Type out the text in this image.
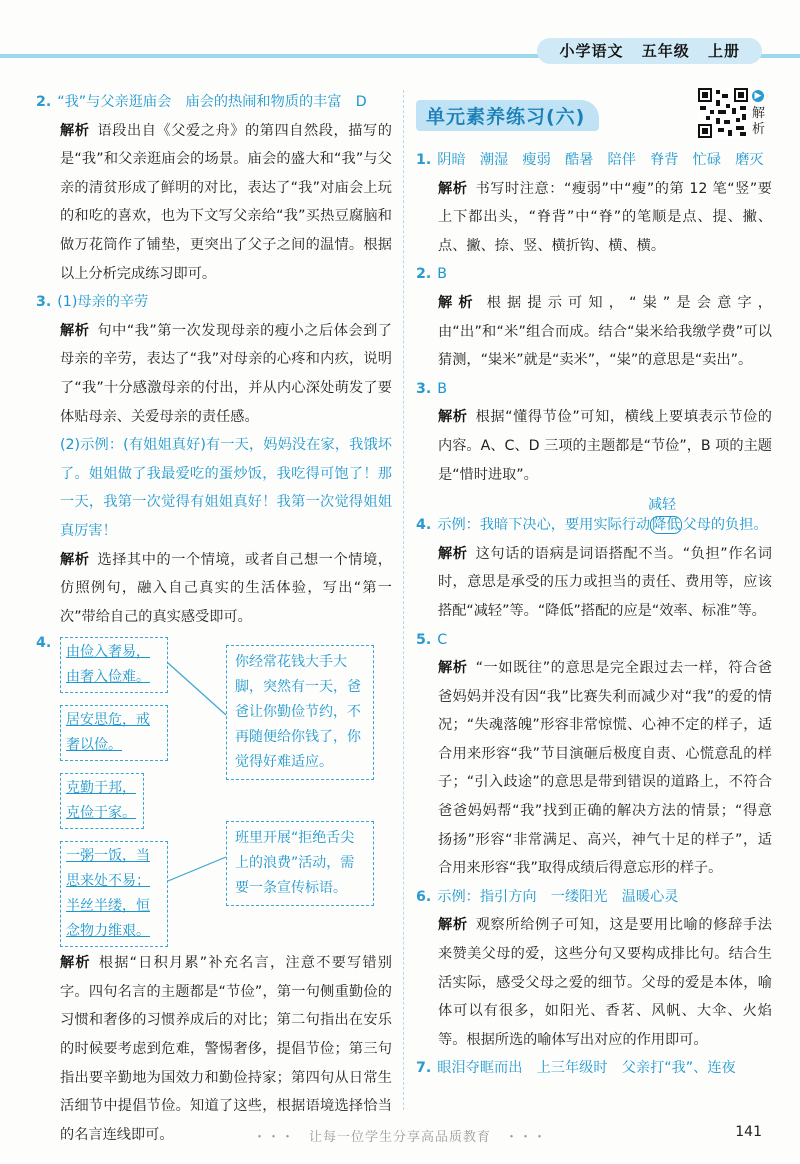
小学语文 五年级 上册

2. “我”与父亲逛庙会　庙会的热闹和物质的丰富　D

解析 语段出自《父爱之舟》的第四自然段，描写的是“我”和父亲逛庙会的场景。庙会的盛大和“我”与父亲的清贫形成了鲜明的对比，表达了“我”对庙会上玩的和吃的喜欢，也为下文写父亲给“我”买热豆腐脑和做万花筒作了铺垫，更突出了父子之间的温情。根据以上分析完成练习即可。

3. (1)母亲的辛劳

解析 句中“我”第一次发现母亲的瘦小之后体会到了母亲的辛劳，表达了“我”对母亲的心疼和内疚，说明了“我”十分感激母亲的付出，并从内心深处萌发了要体贴母亲、关爱母亲的责任感。

(2)示例：(有姐姐真好)有一天，妈妈没在家，我饿坏了。姐姐做了我最爱吃的蛋炒饭，我吃得可饱了！那一天，我第一次觉得有姐姐真好！我第一次觉得姐姐真厉害！

解析 选择其中的一个情境，或者自己想一个情境，仿照例句，融入自己真实的生活体验，写出“第一次”带给自己的真实感受即可。

4.
由俭入奢易，由奢入俭难。
居安思危，戒奢以俭。
克勤于邦，克俭于家。
一粥一饭，当思来处不易；半丝半缕，恒念物力维艰。
你经常花钱大手大脚，突然有一天，爸爸让你勤俭节约，不再随便给你钱了，你觉得好难适应。
班里开展“拒绝舌尖上的浪费”活动，需要一条宣传标语。

解析 根据“日积月累”补充名言，注意不要写错别字。四句名言的主题都是“节俭”，第一句侧重勤俭的习惯和奢侈的习惯养成后的对比；第二句指出在安乐的时候要考虑到危难，警惕奢侈，提倡节俭；第三句指出要辛勤地为国效力和勤俭持家；第四句从日常生活细节中提倡节俭。知道了这些，根据语境选择恰当的名言连线即可。

单元素养练习(六)
▶
解析

1. 阴暗　潮湿　瘦弱　酷暑　陪伴　脊背　忙碌　磨灭

解析 书写时注意：“瘦弱”中“瘦”的第 12 笔“竖”要上下都出头，“脊背”中“脊”的笔顺是点、提、撇、点、撇、捺、竖、横折钩、横、横。

2. B

解析 根据提示可知，“粜”是会意字，由“出”和“米”组合而成。结合“粜米给我缴学费”可以猜测，“粜米”就是“卖米”，“粜”的意思是“卖出”。

3. B

解析 根据“懂得节俭”可知，横线上要填表示节俭的内容。A、C、D 三项的主题都是“节俭”，B 项的主题是“惜时进取”。

减轻
4. 示例：我暗下决心，要用实际行动 降低 父母的负担。

解析 这句话的语病是词语搭配不当。“负担”作名词时，意思是承受的压力或担当的责任、费用等，应该搭配“减轻”等。“降低”搭配的应是“效率、标准”等。

5. C

解析 “一如既往”的意思是完全跟过去一样，符合爸爸妈妈并没有因“我”比赛失利而减少对“我”的爱的情况；“失魂落魄”形容非常惊慌、心神不定的样子，适合用来形容“我”节目演砸后极度自责、心慌意乱的样子；“引入歧途”的意思是带到错误的道路上，不符合爸爸妈妈帮“我”找到正确的解决方法的情景；“得意扬扬”形容“非常满足、高兴，神气十足的样子”，适合用来形容“我”取得成绩后得意忘形的样子。

6. 示例：指引方向　一缕阳光　温暖心灵

解析 观察所给例子可知，这是要用比喻的修辞手法来赞美父母的爱，这些分句又要构成排比句。结合生活实际，感受父母之爱的细节。父母的爱是本体，喻体可以有很多，如阳光、香茗、风帆、大伞、火焰等。根据所选的喻体写出对应的作用即可。

7. 眼泪夺眶而出　上三年级时　父亲打“我”、连夜

・・・　让每一位学生分享高品质教育　・・・	141
